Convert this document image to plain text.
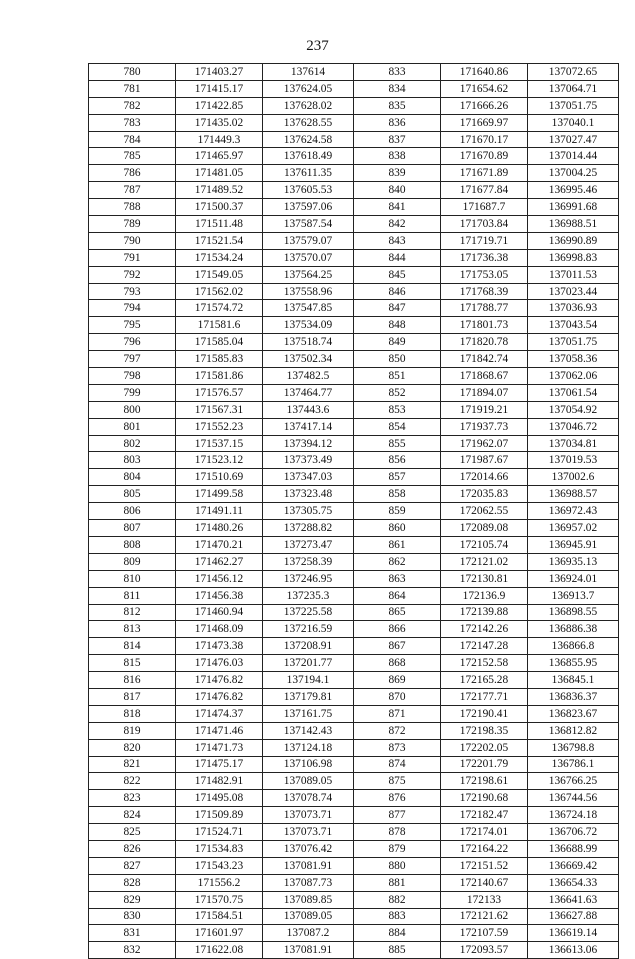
237
780	171403.27	137614	833	171640.86	137072.65
781	171415.17	137624.05	834	171654.62	137064.71
782	171422.85	137628.02	835	171666.26	137051.75
783	171435.02	137628.55	836	171669.97	137040.1
784	171449.3	137624.58	837	171670.17	137027.47
785	171465.97	137618.49	838	171670.89	137014.44
786	171481.05	137611.35	839	171671.89	137004.25
787	171489.52	137605.53	840	171677.84	136995.46
788	171500.37	137597.06	841	171687.7	136991.68
789	171511.48	137587.54	842	171703.84	136988.51
790	171521.54	137579.07	843	171719.71	136990.89
791	171534.24	137570.07	844	171736.38	136998.83
792	171549.05	137564.25	845	171753.05	137011.53
793	171562.02	137558.96	846	171768.39	137023.44
794	171574.72	137547.85	847	171788.77	137036.93
795	171581.6	137534.09	848	171801.73	137043.54
796	171585.04	137518.74	849	171820.78	137051.75
797	171585.83	137502.34	850	171842.74	137058.36
798	171581.86	137482.5	851	171868.67	137062.06
799	171576.57	137464.77	852	171894.07	137061.54
800	171567.31	137443.6	853	171919.21	137054.92
801	171552.23	137417.14	854	171937.73	137046.72
802	171537.15	137394.12	855	171962.07	137034.81
803	171523.12	137373.49	856	171987.67	137019.53
804	171510.69	137347.03	857	172014.66	137002.6
805	171499.58	137323.48	858	172035.83	136988.57
806	171491.11	137305.75	859	172062.55	136972.43
807	171480.26	137288.82	860	172089.08	136957.02
808	171470.21	137273.47	861	172105.74	136945.91
809	171462.27	137258.39	862	172121.02	136935.13
810	171456.12	137246.95	863	172130.81	136924.01
811	171456.38	137235.3	864	172136.9	136913.7
812	171460.94	137225.58	865	172139.88	136898.55
813	171468.09	137216.59	866	172142.26	136886.38
814	171473.38	137208.91	867	172147.28	136866.8
815	171476.03	137201.77	868	172152.58	136855.95
816	171476.82	137194.1	869	172165.28	136845.1
817	171476.82	137179.81	870	172177.71	136836.37
818	171474.37	137161.75	871	172190.41	136823.67
819	171471.46	137142.43	872	172198.35	136812.82
820	171471.73	137124.18	873	172202.05	136798.8
821	171475.17	137106.98	874	172201.79	136786.1
822	171482.91	137089.05	875	172198.61	136766.25
823	171495.08	137078.74	876	172190.68	136744.56
824	171509.89	137073.71	877	172182.47	136724.18
825	171524.71	137073.71	878	172174.01	136706.72
826	171534.83	137076.42	879	172164.22	136688.99
827	171543.23	137081.91	880	172151.52	136669.42
828	171556.2	137087.73	881	172140.67	136654.33
829	171570.75	137089.85	882	172133	136641.63
830	171584.51	137089.05	883	172121.62	136627.88
831	171601.97	137087.2	884	172107.59	136619.14
832	171622.08	137081.91	885	172093.57	136613.06
